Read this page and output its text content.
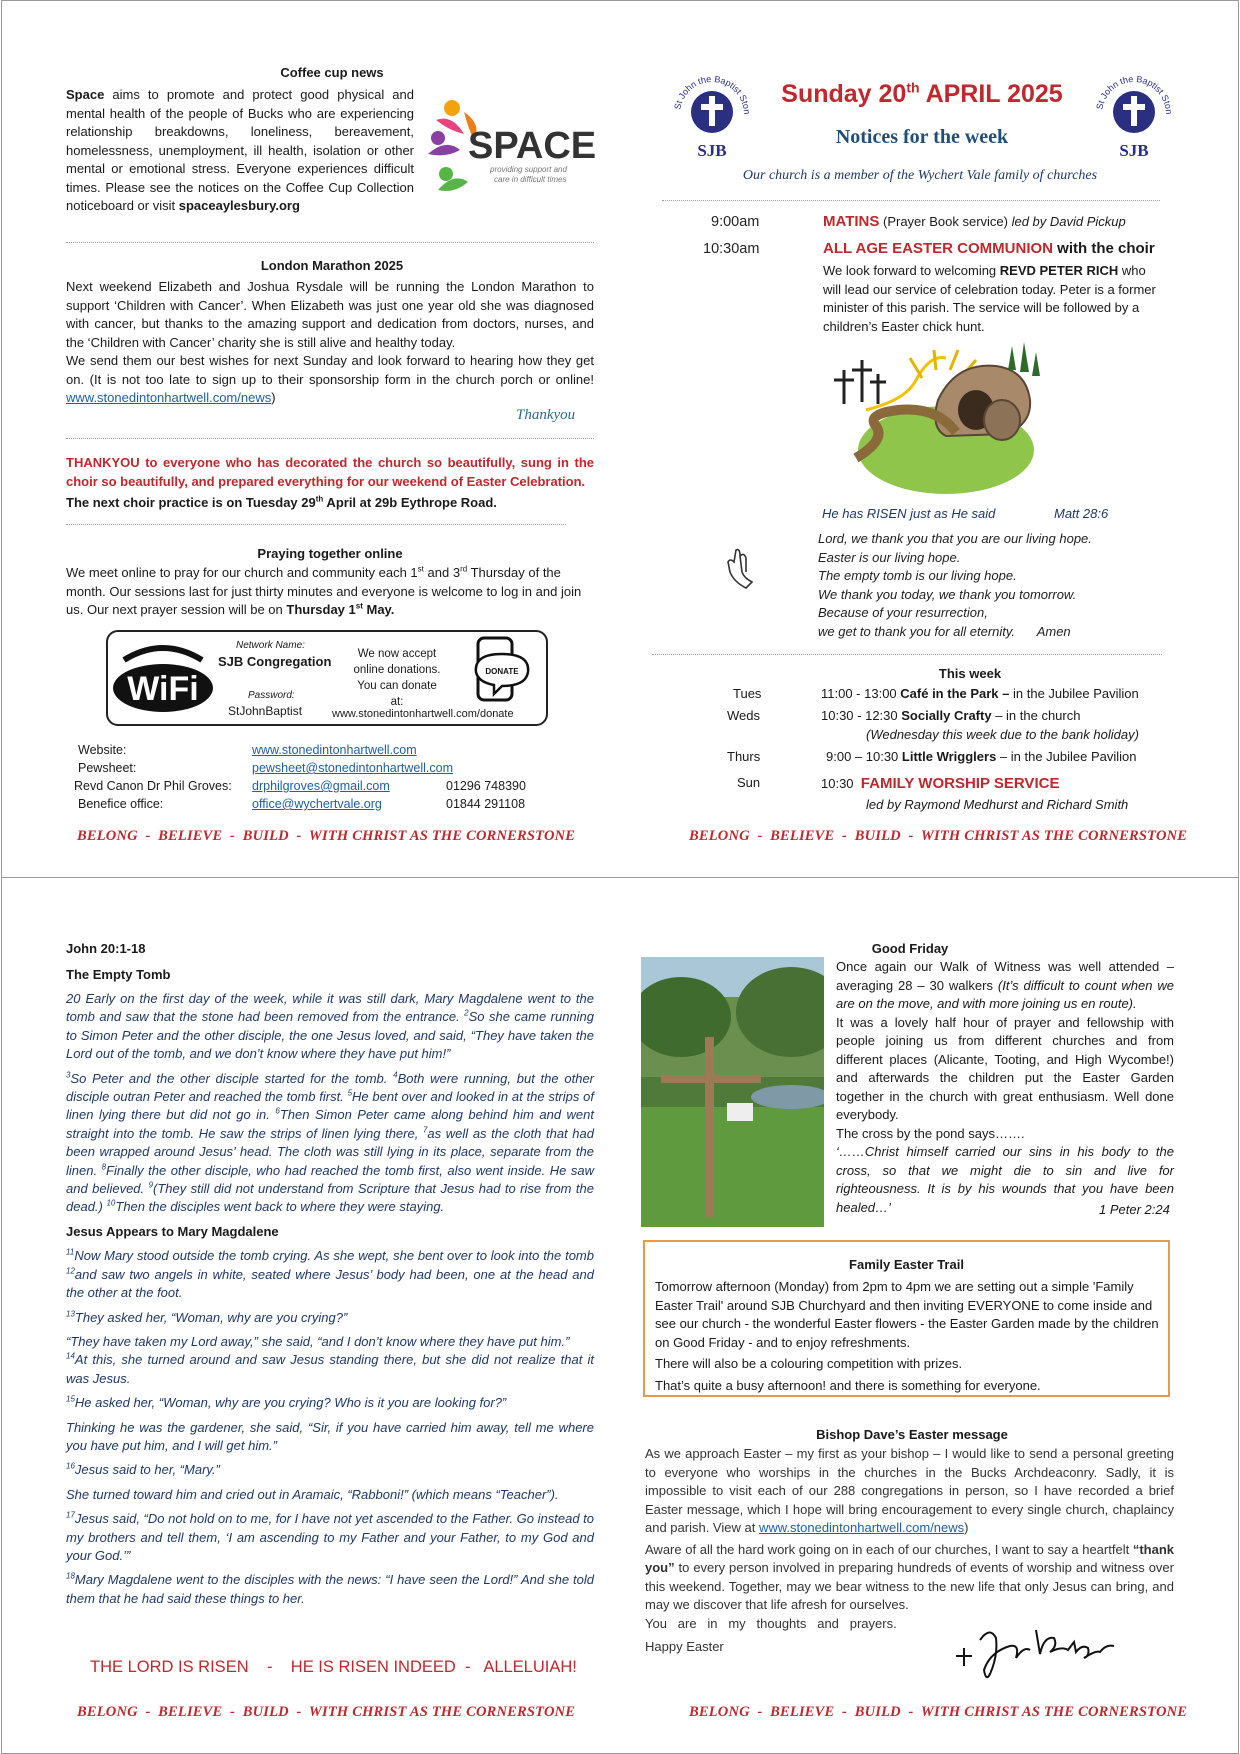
Coffee cup news
Space aims to promote and protect good physical and mental health of the people of Bucks who are experiencing relationship breakdowns, loneliness, bereavement, homelessness, unemployment, ill health, isolation or other mental or emotional stress. Everyone experiences difficult times. Please see the notices on the Coffee Cup Collection noticeboard or visit spaceaylesbury.org
SPACE
providing support and
care in difficult times
London Marathon 2025

Next weekend Elizabeth and Joshua Rysdale will be running the London Marathon to support ‘Children with Cancer’. When Elizabeth was just one year old she was diagnosed with cancer, but thanks to the amazing support and dedication from doctors, nurses, and the ‘Children with Cancer’ charity she is still alive and healthy today.

We send them our best wishes for next Sunday and look forward to hearing how they get on. (It is not too late to sign up to their sponsorship form in the church porch or online! www.stonedintonhartwell.com/news)

Thankyou
THANKYOU to everyone who has decorated the church so beautifully, sung in the choir so beautifully, and prepared everything for our weekend of Easter Celebration.
The next choir practice is on Tuesday 29th April at 29b Eythrope Road.
Praying together online
We meet online to pray for our church and community each 1st and 3rd Thursday of the month. Our sessions last for just thirty minutes and everyone is welcome to log in and join us. Our next prayer session will be on Thursday 1st May.
WiFi
Network Name:
SJB Congregation
Password:
StJohnBaptist
We now accept online donations. You can donate at:
www.stonedintonhartwell.com/donate
DONATE
Website:	www.stonedintonhartwell.com
Pewsheet:	pewsheet@stonedintonhartwell.com
Revd Canon Dr Phil Groves: drphilgroves@gmail.com	01296 748390
Benefice office:	office@wychertvale.org	01844 291108
BELONG  -  BELIEVE  -  BUILD  -  WITH CHRIST AS THE CORNERSTONE
St John the Baptist Ston
SJB
St John the Baptist Ston
SJB
Sunday 20th APRIL 2025
Notices for the week
Our church is a member of the Wychert Vale family of churches
9:00am	MATINS (Prayer Book service) led by David Pickup
10:30am	ALL AGE EASTER COMMUNION with the choir
We look forward to welcoming REVD PETER RICH who will lead our service of celebration today. Peter is a former minister of this parish. The service will be followed by a children’s Easter chick hunt.
He has RISEN just as He said	Matt 28:6

Lord, we thank you that you are our living hope.

Easter is our living hope.

The empty tomb is our living hope.

We thank you today, we thank you tomorrow.

Because of your resurrection,

we get to thank you for all eternity. Amen

This week
Tues	11:00 - 13:00 Café in the Park – in the Jubilee Pavilion
Weds	10:30 - 12:30 Socially Crafty – in the church
(Wednesday this week due to the bank holiday)
Thurs	9:00 – 10:30 Little Wrigglers – in the Jubilee Pavilion
Sun	10:30 FAMILY WORSHIP SERVICE
led by Raymond Medhurst and Richard Smith
BELONG  -  BELIEVE  -  BUILD  -  WITH CHRIST AS THE CORNERSTONE
John 20:1-18
The Empty Tomb

20 Early on the first day of the week, while it was still dark, Mary Magdalene went to the tomb and saw that the stone had been removed from the entrance. $^2$So she came running to Simon Peter and the other disciple, the one Jesus loved, and said, “They have taken the Lord out of the tomb, and we don’t know where they have put him!”

$^3$So Peter and the other disciple started for the tomb. $^4$Both were running, but the other disciple outran Peter and reached the tomb first. $^5$He bent over and looked in at the strips of linen lying there but did not go in. $^6$Then Simon Peter came along behind him and went straight into the tomb. He saw the strips of linen lying there, $^7$as well as the cloth that had been wrapped around Jesus’ head. The cloth was still lying in its place, separate from the linen. $^8$Finally the other disciple, who had reached the tomb first, also went inside. He saw and believed. $^9$(They still did not understand from Scripture that Jesus had to rise from the dead.) $^{10}$Then the disciples went back to where they were staying.

Jesus Appears to Mary Magdalene

$^{11}$Now Mary stood outside the tomb crying. As she wept, she bent over to look into the tomb $^{12}$and saw two angels in white, seated where Jesus’ body had been, one at the head and the other at the foot.

$^{13}$They asked her, “Woman, why are you crying?”

“They have taken my Lord away,” she said, “and I don’t know where they have put him.”
$^{14}$At this, she turned around and saw Jesus standing there, but she did not realize that it was Jesus.

$^{15}$He asked her, “Woman, why are you crying? Who is it you are looking for?”

Thinking he was the gardener, she said, “Sir, if you have carried him away, tell me where you have put him, and I will get him.”

$^{16}$Jesus said to her, “Mary.”

She turned toward him and cried out in Aramaic, “Rabboni!” (which means “Teacher”).

$^{17}$Jesus said, “Do not hold on to me, for I have not yet ascended to the Father. Go instead to my brothers and tell them, ‘I am ascending to my Father and your Father, to my God and your God.’”

$^{18}$Mary Magdalene went to the disciples with the news: “I have seen the Lord!” And she told them that he had said these things to her.

THE LORD IS RISEN    -    HE IS RISEN INDEED  -   ALLELUIAH!
BELONG  -  BELIEVE  -  BUILD  -  WITH CHRIST AS THE CORNERSTONE
Good Friday

Once again our Walk of Witness was well attended – averaging 28 – 30 walkers (It’s difficult to count when we are on the move, and with more joining us en route).

It was a lovely half hour of prayer and fellowship with people joining us from different churches and from different places (Alicante, Tooting, and High Wycombe!) and afterwards the children put the Easter Garden together in the church with great enthusiasm. Well done everybody.

The cross by the pond says…….

‘……Christ himself carried our sins in his body to the cross, so that we might die to sin and live for righteousness. It is by his wounds that you have been healed…’	1 Peter 2:24
Family Easter Trail

Tomorrow afternoon (Monday) from 2pm to 4pm we are setting out a simple 'Family Easter Trail' around SJB Churchyard and then inviting EVERYONE to come inside and see our church - the wonderful Easter flowers - the Easter Garden made by the children on Good Friday - and to enjoy refreshments.

There will also be a colouring competition with prizes.

That’s quite a busy afternoon! and there is something for everyone.

Bishop Dave’s Easter message

As we approach Easter – my first as your bishop – I would like to send a personal greeting to everyone who worships in the churches in the Bucks Archdeaconry. Sadly, it is impossible to visit each of our 288 congregations in person, so I have recorded a brief Easter message, which I hope will bring encouragement to every single church, chaplaincy and parish. View at www.stonedintonhartwell.com/news)

Aware of all the hard work going on in each of our churches, I want to say a heartfelt “thank you” to every person involved in preparing hundreds of events of worship and witness over this weekend. Together, may we bear witness to the new life that only Jesus can bring, and may we discover that life afresh for ourselves.

You   are   in   my   thoughts   and   prayers.

Happy Easter
BELONG  -  BELIEVE  -  BUILD  -  WITH CHRIST AS THE CORNERSTONE
